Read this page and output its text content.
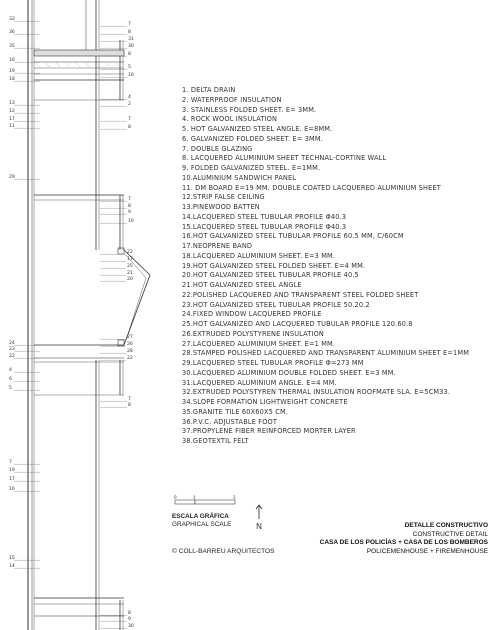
33
36
35
16
19
18
13
12
17
11
29
24
23
22
4
6
5
7
19
17
16
15
14
7
8
31
30
8
5
16
4
2
7
8
7
8
9
10
22
17
25
21
20
27
26
28
22
7
8
8
9
30
1. DELTA DRAIN
2. WATERPROOF INSULATION
3. STAINLESS FOLDED SHEET. E= 3MM.
4. ROCK WOOL INSULATION
5. HOT GALVANIZED STEEL ANGLE. E=8MM.
6. GALVANIZED FOLDED SHEET. E= 3MM.
7. DOUBLE GLAZING
8. LACQUERED ALUMINIUM SHEET TECHNAL-CORTINE WALL
9. FOLDED GALVANIZED STEEL. E=1MM.
10.ALUMINIUM SANDWICH PANEL
11. DM BOARD E=19 MM. DOUBLE COATED LACQUERED ALUMINIUM SHEET
12.STRIP FALSE CEILING
13.PINEWOOD BATTEN
14.LACQUERED STEEL TUBULAR PROFILE Φ40.3
15.LACQUERED STEEL TUBULAR PROFILE Φ40.3
16.HOT GALVANIZED STEEL TUBULAR PROFILE 60.5 MM, C/60CM
17.NEOPRENE BAND
18.LACQUERED ALUMINIUM SHEET. E=3 MM.
19.HOT GALVANIZED STEEL FOLDED SHEET. E=4 MM.
20.HOT GALVANIZED STEEL TUBULAR PROFILE 40.5
21.HOT GALVANIZED STEEL ANGLE
22.POLISHED LACQUERED AND TRANSPARENT STEEL FOLDED SHEET
23.HOT GALVANIZED STEEL TUBULAR PROFILE 50.20.2
24.FIXED WINDOW LACQUERED PROFILE
25.HOT GALVANIZED AND LACQUERED TUBULAR PROFILE 120.60.8
26.EXTRUDED POLYSTYRENE INSULATION
27.LACQUERED ALUMINIUM SHEET. E=1 MM.
28.STAMPED POLISHED LACQUERED AND TRANSPARENT ALUMINIUM SHEET E=1MM
29.LACQUERED STEEL TUBULAR PROFILE Φ=273 MM
30.LACQUERED ALUMINIUM DOUBLE FOLDED SHEET. E=3 MM.
31.LACQUERED ALUMINIUM ANGLE. E=4 MM.
32.EXTRUDED POLYSTYREN THERMAL INSULATION ROOFMATE SLA. E=5CM33.
34.SLOPE FORMATION LIGHTWEIGHT CONCRETE
35.GRANITE TILE 60X60X5 CM.
36.P.V.C. ADJUSTABLE FOOT
37.PROPYLENE FIBER REINFORCED MORTER LAYER
38.GEOTEXTIL FELT
0	1	2
ESCALA GRÁFICA
GRAPHICAL SCALE	N
© COLL-BARREU ARQUITECTOS
DETALLE CONSTRUCTIVO
CONSTRUCTIVE DETAIL
CASA DE LOS POLICÍAS + CASA DE LOS BOMBEROS
POLICEMENHOUSE + FIREMENHOUSE
